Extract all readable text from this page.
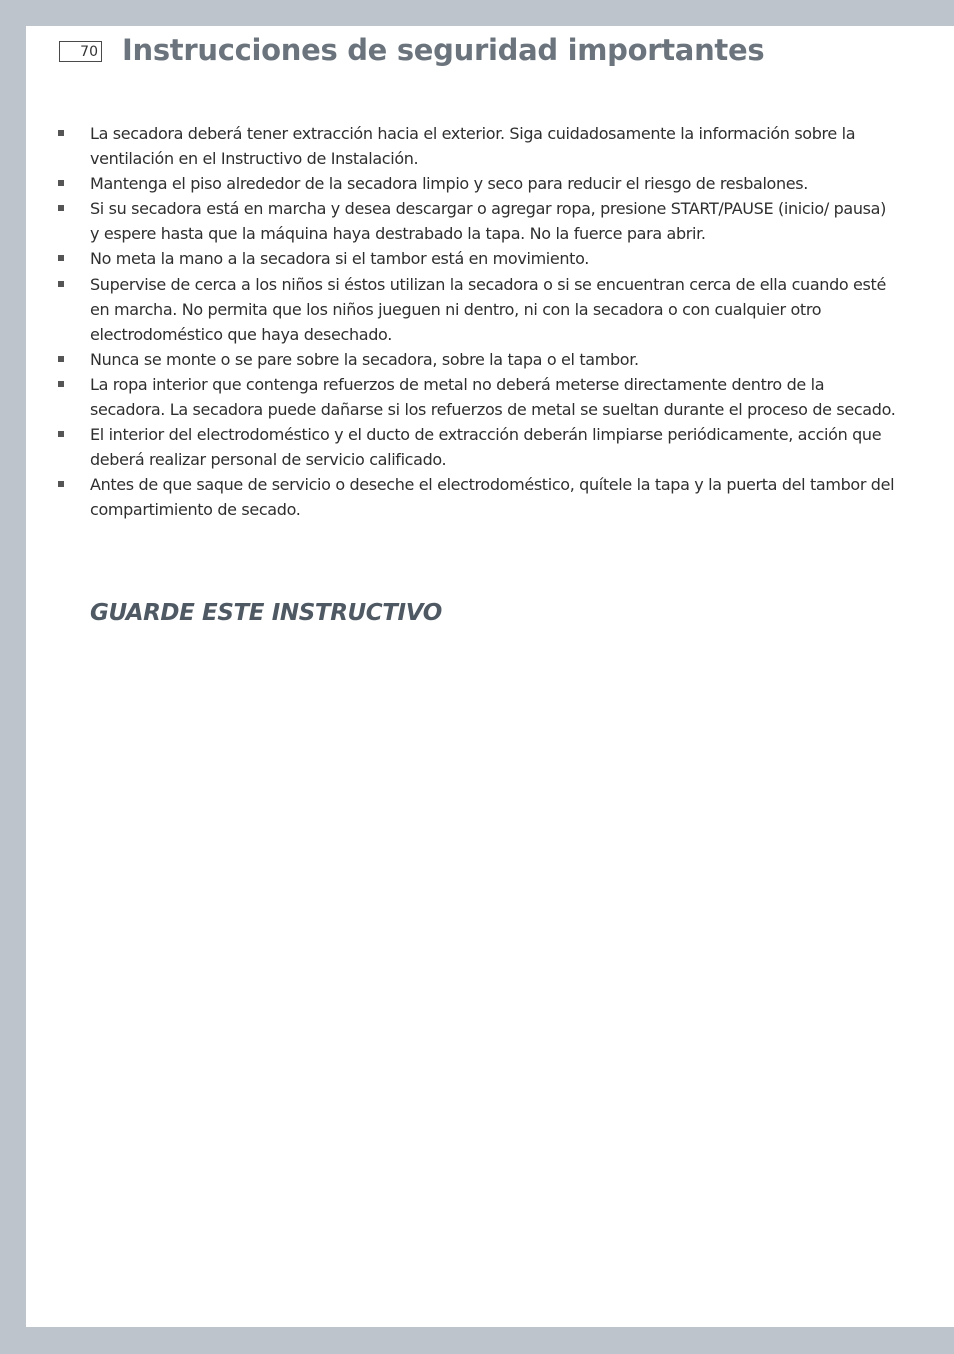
70 Instrucciones de seguridad importantes
La secadora deberá tener extracción hacia el exterior. Siga cuidadosamente la información sobre la ventilación en el Instructivo de Instalación.
Mantenga el piso alrededor de la secadora limpio y seco para reducir el riesgo de resbalones.
Si su secadora está en marcha y desea descargar o agregar ropa, presione START/PAUSE (inicio/ pausa) y espere hasta que la máquina haya destrabado la tapa. No la fuerce para abrir.
No meta la mano a la secadora si el tambor está en movimiento.
Supervise de cerca a los niños si éstos utilizan la secadora o si se encuentran cerca de ella cuando esté en marcha. No permita que los niños jueguen ni dentro, ni con la secadora o con cualquier otro electrodoméstico que haya desechado.
Nunca se monte o se pare sobre la secadora, sobre la tapa o el tambor.
La ropa interior que contenga refuerzos de metal no deberá meterse directamente dentro de la secadora. La secadora puede dañarse si los refuerzos de metal se sueltan durante el proceso de secado.
El interior del electrodoméstico y el ducto de extracción deberán limpiarse periódicamente, acción que deberá realizar personal de servicio calificado.
Antes de que saque de servicio o deseche el electrodoméstico, quítele la tapa y la puerta del tambor del compartimiento de secado.

GUARDE ESTE INSTRUCTIVO
